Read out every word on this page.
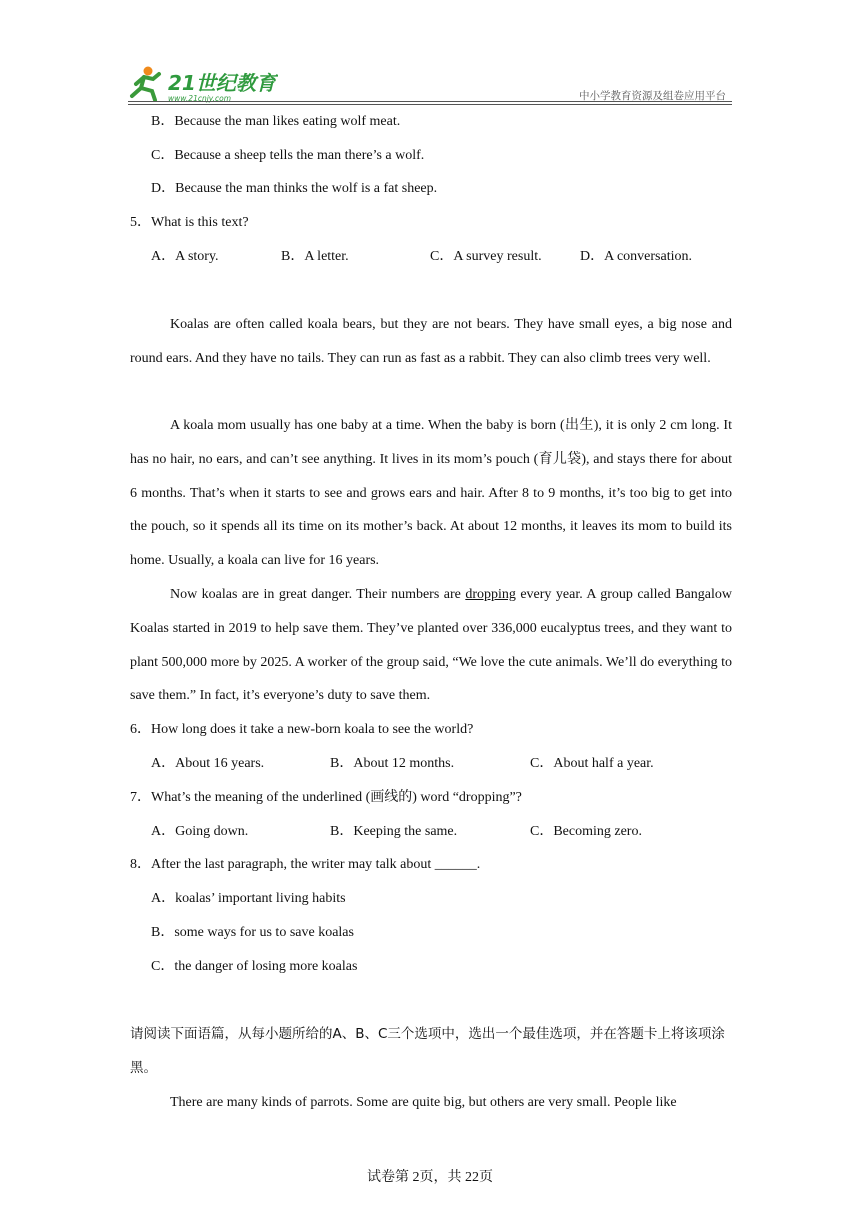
21世纪教育
www.21cnjy.com	中小学教育资源及组卷应用平台
B．Because the man likes eating wolf meat.
C．Because a sheep tells the man there’s a wolf.
D．Because the man thinks the wolf is a fat sheep.
5．What is this text?
A．A story.	B．A letter.	C．A survey result.	D．A conversation.
Koalas are often called koala bears, but they are not bears. They have small eyes, a big nose and round ears. And they have no tails. They can run as fast as a rabbit. They can also climb trees very well.
A koala mom usually has one baby at a time. When the baby is born (出生), it is only 2 cm long. It has no hair, no ears, and can’t see anything. It lives in its mom’s pouch (育儿袋), and stays there for about 6 months. That’s when it starts to see and grows ears and hair. After 8 to 9 months, it’s too big to get into the pouch, so it spends all its time on its mother’s back. At about 12 months, it leaves its mom to build its home. Usually, a koala can live for 16 years.
Now koalas are in great danger. Their numbers are dropping every year. A group called Bangalow Koalas started in 2019 to help save them. They’ve planted over 336,000 eucalyptus trees, and they want to plant 500,000 more by 2025. A worker of the group said, “We love the cute animals. We’ll do everything to save them.” In fact, it’s everyone’s duty to save them.
6．How long does it take a new-born koala to see the world?
A．About 16 years.	B．About 12 months.	C．About half a year.
7．What’s the meaning of the underlined (画线的) word “dropping”?
A．Going down.	B．Keeping the same.	C．Becoming zero.
8．After the last paragraph, the writer may talk about ______.
A．koalas’ important living habits
B．some ways for us to save koalas
C．the danger of losing more koalas
请阅读下面语篇，从每小题所给的A、B、C三个选项中，选出一个最佳选项，并在答题卡上将该项涂黑。
There are many kinds of parrots. Some are quite big, but others are very small. People like
试卷第 2页，共 22页
